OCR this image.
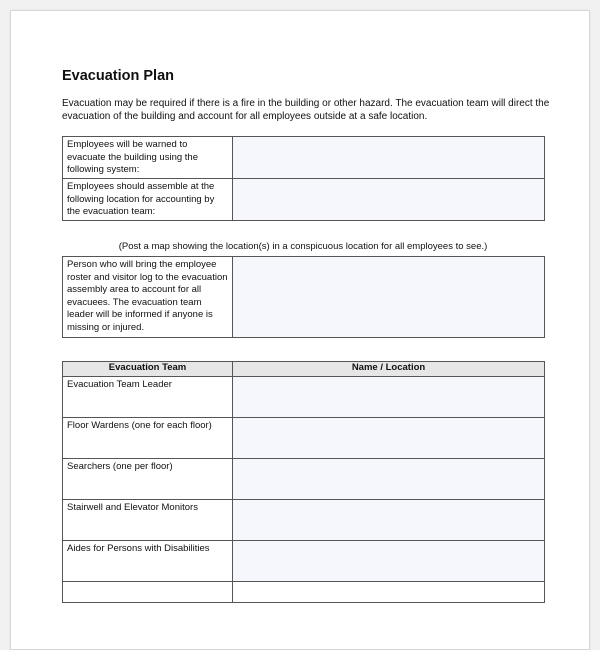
Evacuation Plan

Evacuation may be required if there is a fire in the building or other hazard. The evacuation team will direct the evacuation of the building and account for all employees outside at a safe location.

Employees will be warned to evacuate the building using the following system:	
Employees should assemble at the following location for accounting by the evacuation team:	

(Post a map showing the location(s) in a conspicuous location for all employees to see.)

Person who will bring the employee roster and visitor log to the evacuation assembly area to account for all evacuees. The evacuation team leader will be informed if anyone is missing or injured.	
Evacuation Team	Name / Location
Evacuation Team Leader	
Floor Wardens (one for each floor)	
Searchers (one per floor)	
Stairwell and Elevator Monitors	
Aides for Persons with Disabilities	
